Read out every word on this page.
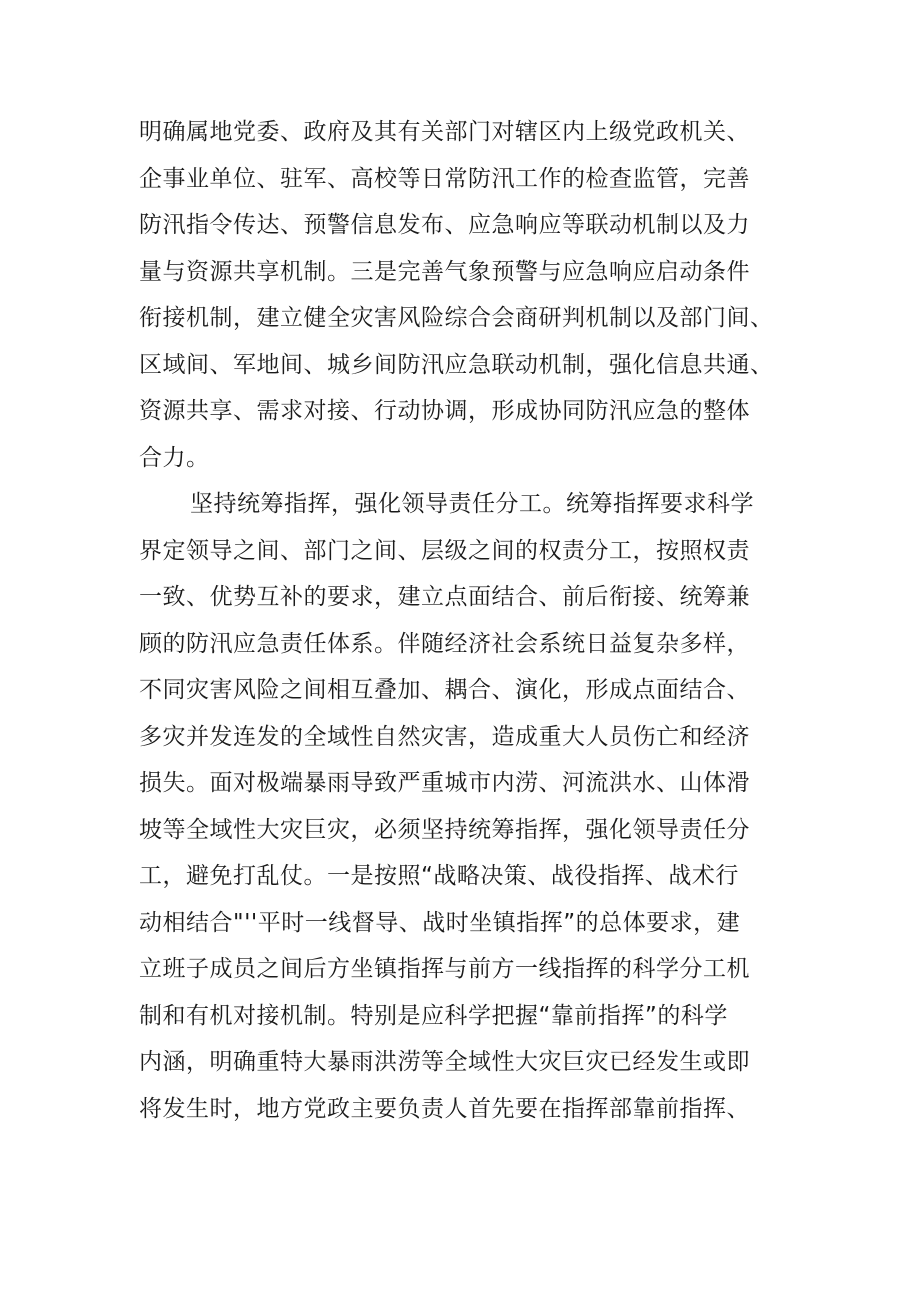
明确属地党委、政府及其有关部门对辖区内上级党政机关、
企事业单位、驻军、高校等日常防汛工作的检查监管，完善
防汛指令传达、预警信息发布、应急响应等联动机制以及力
量与资源共享机制。三是完善气象预警与应急响应启动条件
衔接机制，建立健全灾害风险综合会商研判机制以及部门间、
区域间、军地间、城乡间防汛应急联动机制，强化信息共通、
资源共享、需求对接、行动协调，形成协同防汛应急的整体
合力。
坚持统筹指挥，强化领导责任分工。统筹指挥要求科学
界定领导之间、部门之间、层级之间的权责分工，按照权责
一致、优势互补的要求，建立点面结合、前后衔接、统筹兼
顾的防汛应急责任体系。伴随经济社会系统日益复杂多样，
不同灾害风险之间相互叠加、耦合、演化，形成点面结合、
多灾并发连发的全域性自然灾害，造成重大人员伤亡和经济
损失。面对极端暴雨导致严重城市内涝、河流洪水、山体滑
坡等全域性大灾巨灾，必须坚持统筹指挥，强化领导责任分
工，避免打乱仗。一是按照“战略决策、战役指挥、战术行
动相结合"''平时一线督导、战时坐镇指挥”的总体要求，建
立班子成员之间后方坐镇指挥与前方一线指挥的科学分工机
制和有机对接机制。特别是应科学把握“靠前指挥”的科学
内涵，明确重特大暴雨洪涝等全域性大灾巨灾已经发生或即
将发生时，地方党政主要负责人首先要在指挥部靠前指挥、
